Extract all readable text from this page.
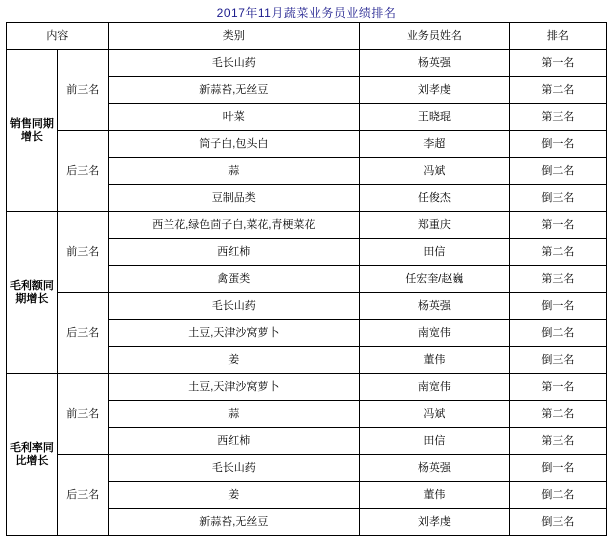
2017年11月蔬菜业务员业绩排名
内容		类别	业务员姓名	排名
销售同期增长	前三名	毛长山药	杨英强	第一名
		新蒜苔,无丝豆	刘孝虔	第二名
		叶菜	王晓琨	第三名
	后三名	筒子白,包头白	李超	倒一名
		蒜	冯斌	倒二名
		豆制品类	任俊杰	倒三名
毛利额同期增长	前三名	西兰花,绿色茴子白,菜花,青梗菜花	郑重庆	第一名
		西红柿	田信	第二名
		禽蛋类	任宏奎/赵巍	第三名
	后三名	毛长山药	杨英强	倒一名
		土豆,天津沙窝萝卜	南宽伟	倒二名
		姜	董伟	倒三名
毛利率同比增长	前三名	土豆,天津沙窝萝卜	南宽伟	第一名
		蒜	冯斌	第二名
		西红柿	田信	第三名
	后三名	毛长山药	杨英强	倒一名
		姜	董伟	倒二名
		新蒜苔,无丝豆	刘孝虔	倒三名
